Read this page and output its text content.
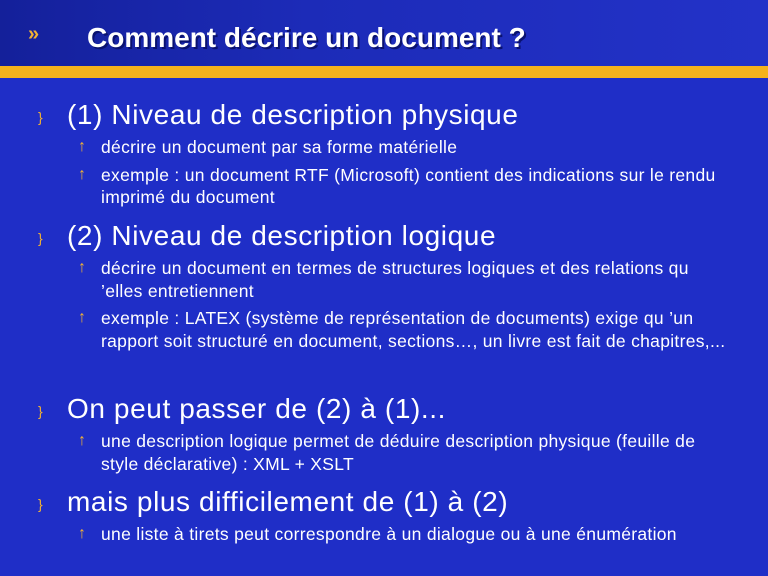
» Comment décrire un document ?
} (1) Niveau de description physique
↑ décrire un document par sa forme matérielle
↑ exemple : un document RTF (Microsoft) contient des indications sur le rendu imprimé du document
} (2) Niveau de description logique
↑ décrire un document en termes de structures logiques et des relations qu ’elles entretiennent
↑ exemple : LATEX (système de représentation de documents) exige qu ’un rapport soit structuré en document, sections…, un livre est fait de chapitres,...
} On peut passer de (2) à (1)...
↑ une description logique permet de déduire description physique (feuille de style déclarative) : XML + XSLT
} mais plus difficilement de (1) à (2)
↑ une liste à tirets peut correspondre à un dialogue ou à une énumération
